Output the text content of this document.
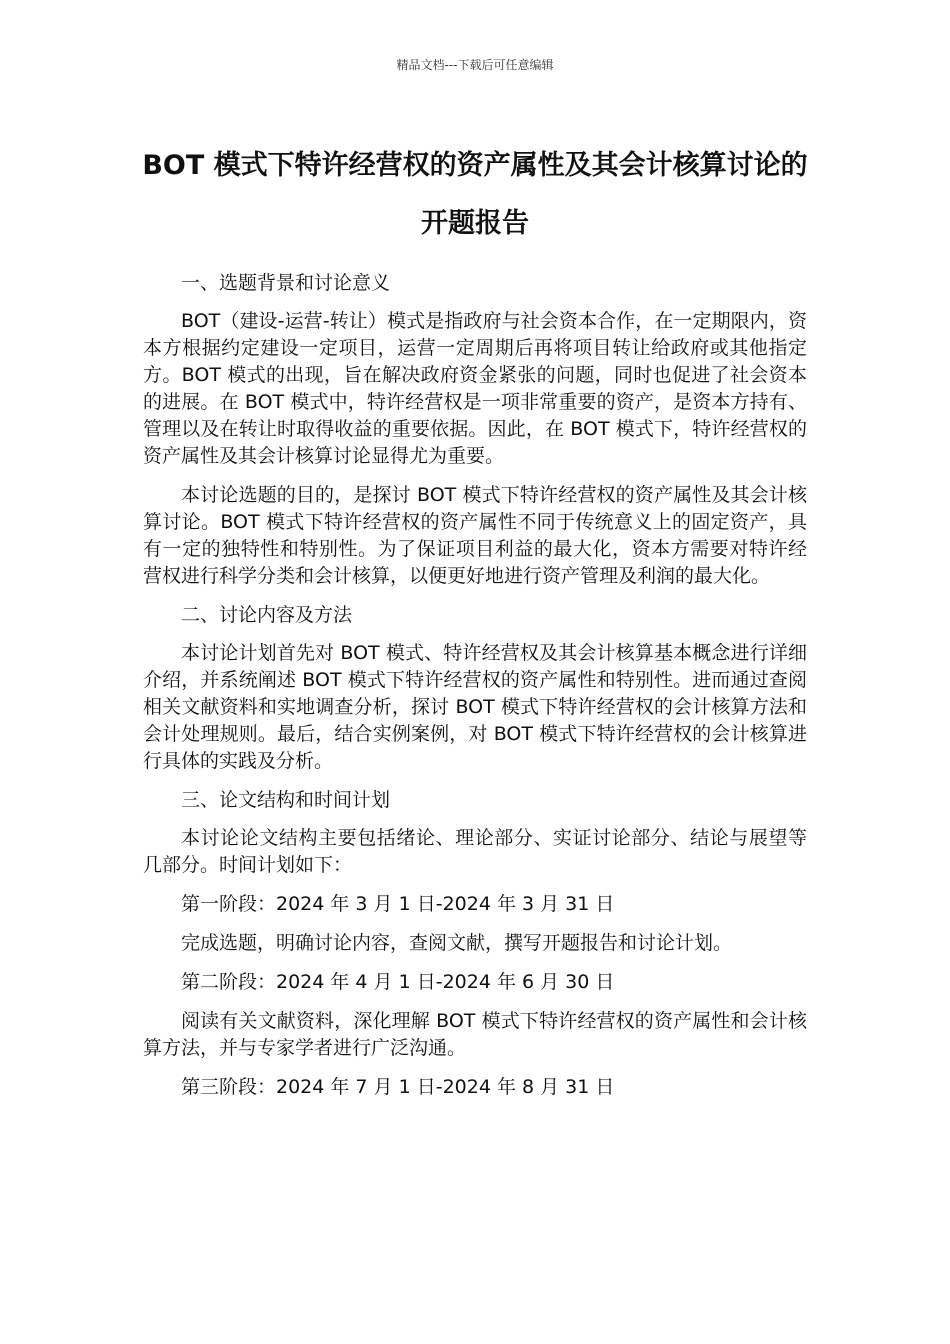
精品文档---下载后可任意编辑
BOT 模式下特许经营权的资产属性及其会计核算讨论的开题报告

一、选题背景和讨论意义

BOT（建设-运营-转让）模式是指政府与社会资本合作，在一定期限内，资本方根据约定建设一定项目，运营一定周期后再将项目转让给政府或其他指定方。BOT 模式的出现，旨在解决政府资金紧张的问题，同时也促进了社会资本的进展。在 BOT 模式中，特许经营权是一项非常重要的资产，是资本方持有、管理以及在转让时取得收益的重要依据。因此，在 BOT 模式下，特许经营权的资产属性及其会计核算讨论显得尤为重要。

本讨论选题的目的，是探讨 BOT 模式下特许经营权的资产属性及其会计核算讨论。BOT 模式下特许经营权的资产属性不同于传统意义上的固定资产，具有一定的独特性和特别性。为了保证项目利益的最大化，资本方需要对特许经营权进行科学分类和会计核算，以便更好地进行资产管理及利润的最大化。

二、讨论内容及方法

本讨论计划首先对 BOT 模式、特许经营权及其会计核算基本概念进行详细介绍，并系统阐述 BOT 模式下特许经营权的资产属性和特别性。进而通过查阅相关文献资料和实地调查分析，探讨 BOT 模式下特许经营权的会计核算方法和会计处理规则。最后，结合实例案例，对 BOT 模式下特许经营权的会计核算进行具体的实践及分析。

三、论文结构和时间计划

本讨论论文结构主要包括绪论、理论部分、实证讨论部分、结论与展望等几部分。时间计划如下：

第一阶段：2024 年 3 月 1 日-2024 年 3 月 31 日

完成选题，明确讨论内容，查阅文献，撰写开题报告和讨论计划。

第二阶段：2024 年 4 月 1 日-2024 年 6 月 30 日

阅读有关文献资料，深化理解 BOT 模式下特许经营权的资产属性和会计核算方法，并与专家学者进行广泛沟通。

第三阶段：2024 年 7 月 1 日-2024 年 8 月 31 日
